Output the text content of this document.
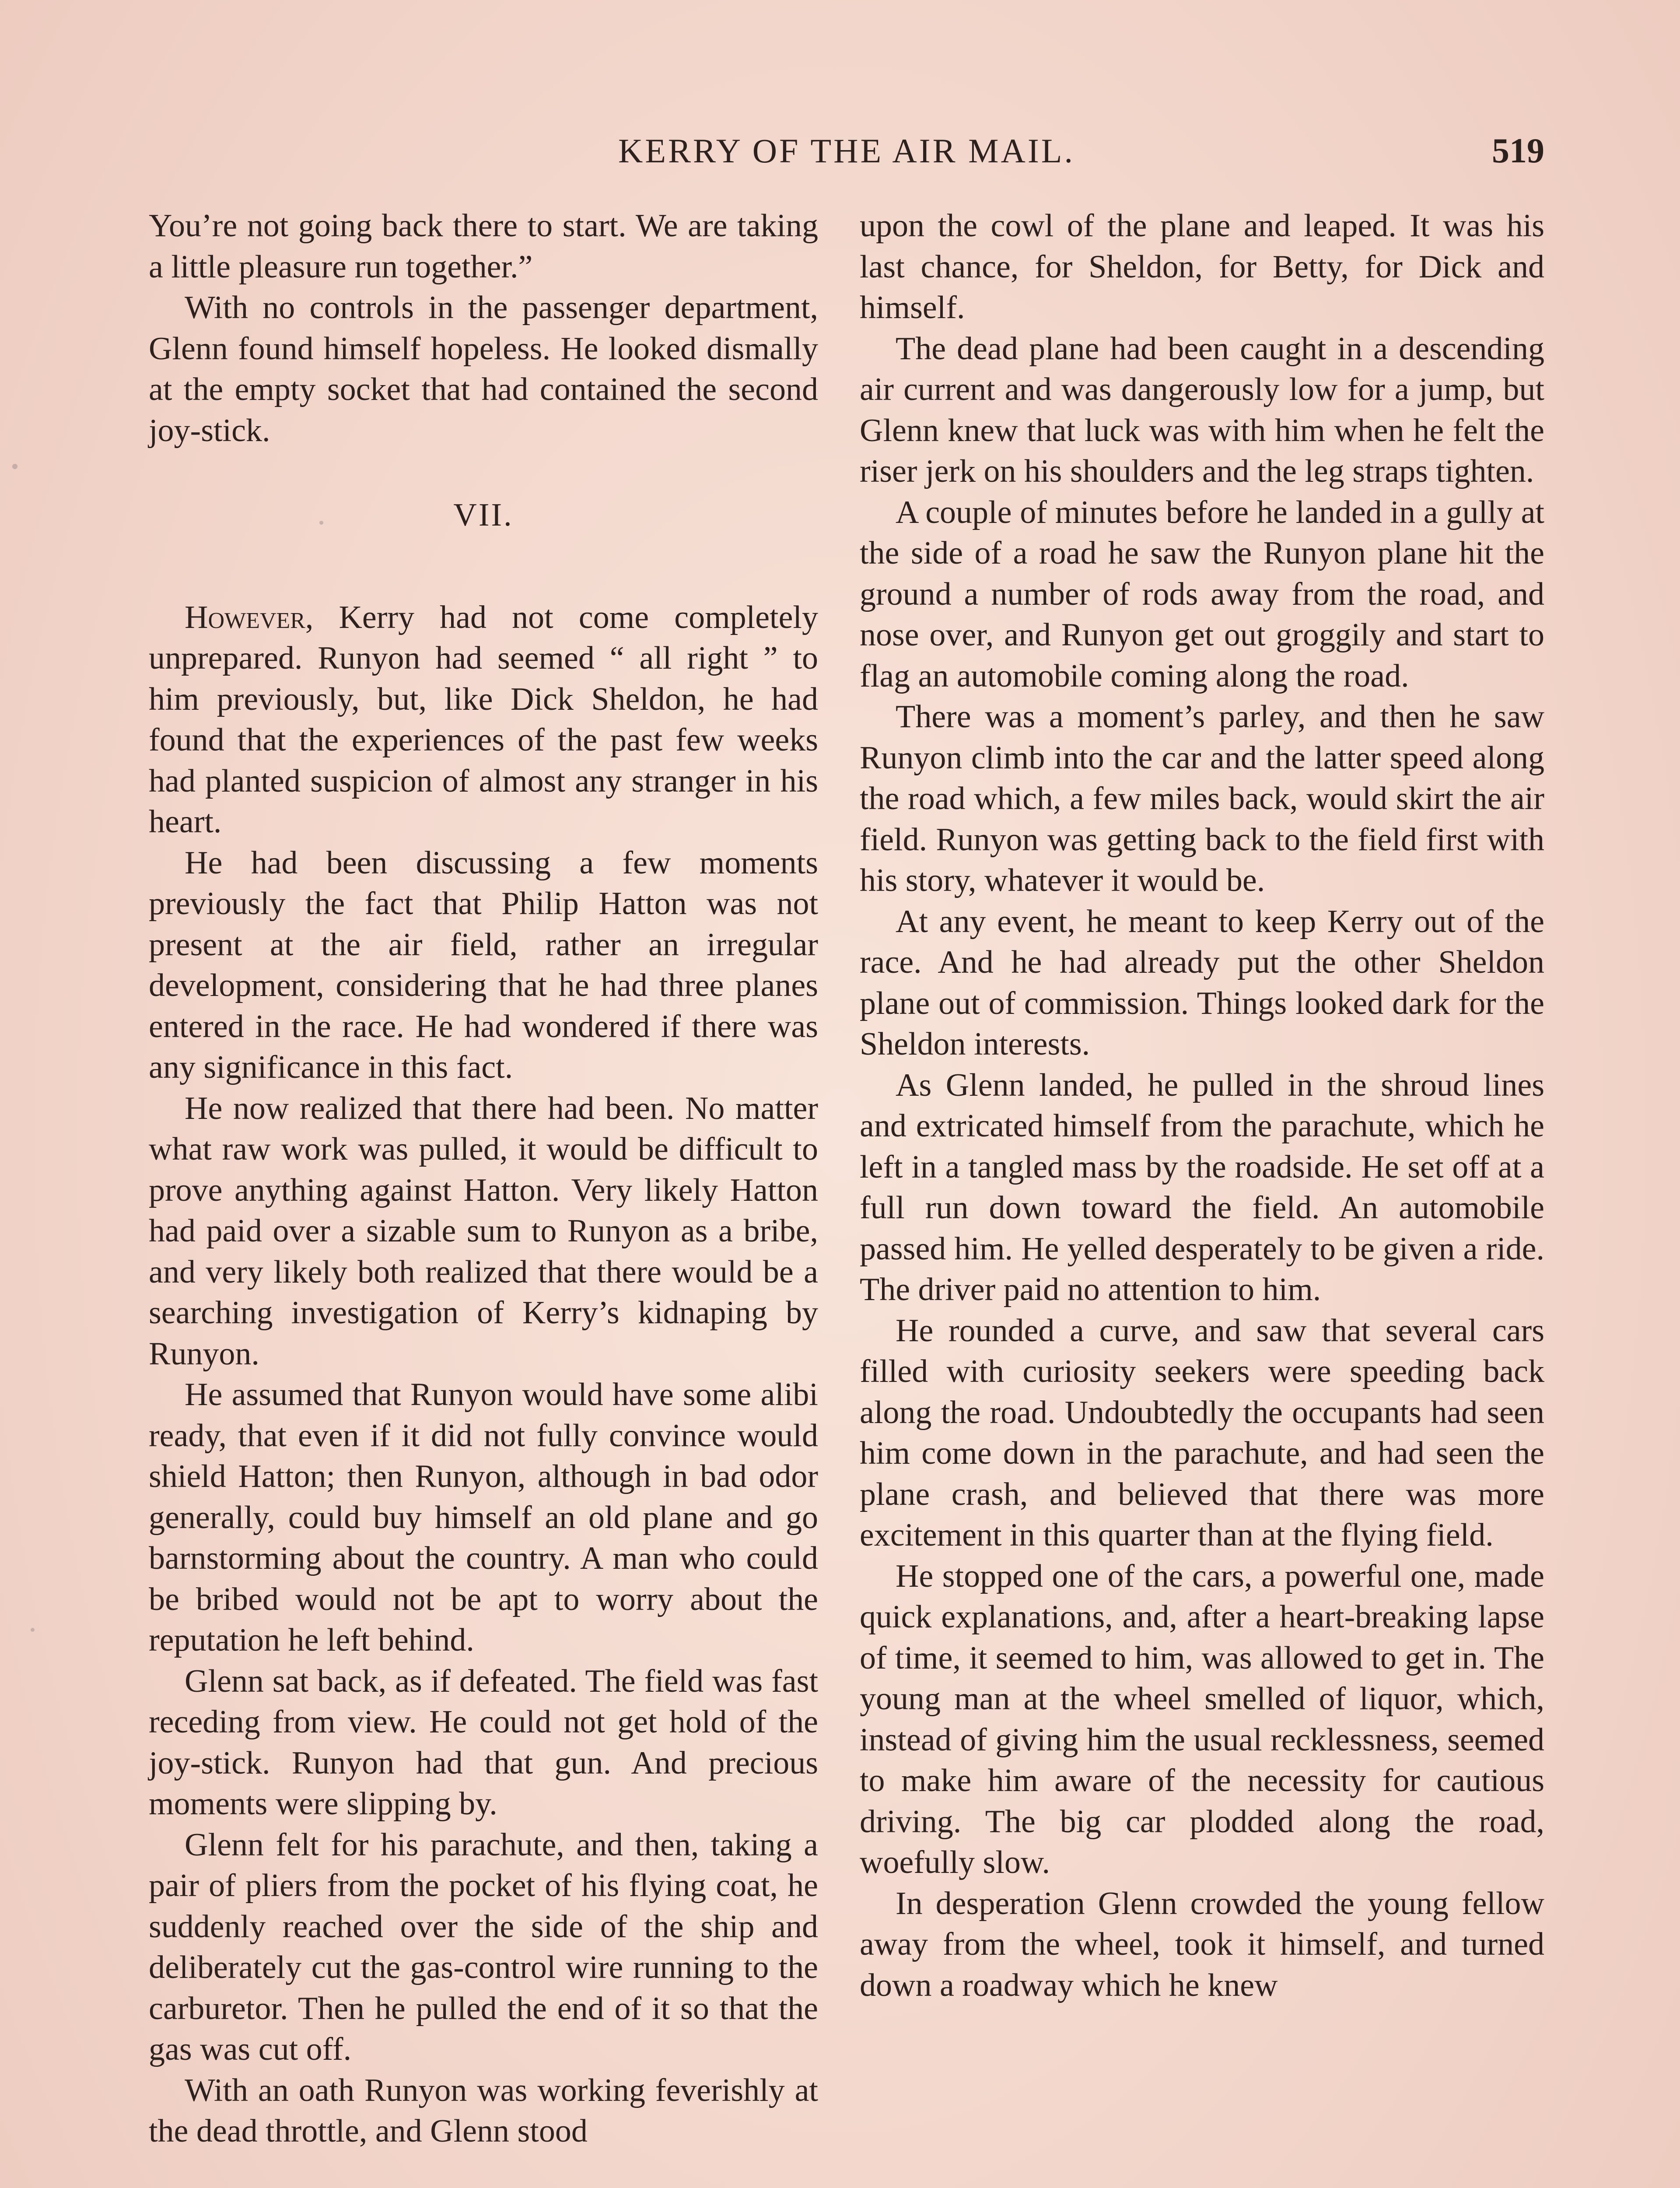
KERRY OF THE AIR MAIL.	519

You’re not going back there to start. We are taking a little pleasure run together.”

With no controls in the passenger department, Glenn found himself hopeless. He looked dismally at the empty socket that had contained the second joy-stick.

VII.

However, Kerry had not come completely unprepared. Runyon had seemed “ all right ” to him previously, but, like Dick Sheldon, he had found that the experiences of the past few weeks had planted suspicion of almost any stranger in his heart.

He had been discussing a few moments previously the fact that Philip Hatton was not present at the air field, rather an irregular development, considering that he had three planes entered in the race. He had wondered if there was any significance in this fact.

He now realized that there had been. No matter what raw work was pulled, it would be difficult to prove anything against Hatton. Very likely Hatton had paid over a sizable sum to Runyon as a bribe, and very likely both realized that there would be a searching investigation of Kerry’s kidnaping by Runyon.

He assumed that Runyon would have some alibi ready, that even if it did not fully convince would shield Hatton; then Runyon, although in bad odor generally, could buy himself an old plane and go barnstorming about the country. A man who could be bribed would not be apt to worry about the reputation he left behind.

Glenn sat back, as if defeated. The field was fast receding from view. He could not get hold of the joy-stick. Runyon had that gun. And precious moments were slipping by.

Glenn felt for his parachute, and then, taking a pair of pliers from the pocket of his flying coat, he suddenly reached over the side of the ship and deliberately cut the gas-control wire running to the carburetor. Then he pulled the end of it so that the gas was cut off.

With an oath Runyon was working feverishly at the dead throttle, and Glenn stood

upon the cowl of the plane and leaped. It was his last chance, for Sheldon, for Betty, for Dick and himself.

The dead plane had been caught in a descending air current and was dangerously low for a jump, but Glenn knew that luck was with him when he felt the riser jerk on his shoulders and the leg straps tighten.

A couple of minutes before he landed in a gully at the side of a road he saw the Runyon plane hit the ground a number of rods away from the road, and nose over, and Runyon get out groggily and start to flag an automobile coming along the road.

There was a moment’s parley, and then he saw Runyon climb into the car and the latter speed along the road which, a few miles back, would skirt the air field. Runyon was getting back to the field first with his story, whatever it would be.

At any event, he meant to keep Kerry out of the race. And he had already put the other Sheldon plane out of commission. Things looked dark for the Sheldon interests.

As Glenn landed, he pulled in the shroud lines and extricated himself from the parachute, which he left in a tangled mass by the roadside. He set off at a full run down toward the field. An automobile passed him. He yelled desperately to be given a ride. The driver paid no attention to him.

He rounded a curve, and saw that several cars filled with curiosity seekers were speeding back along the road. Undoubtedly the occupants had seen him come down in the parachute, and had seen the plane crash, and believed that there was more excitement in this quarter than at the flying field.

He stopped one of the cars, a powerful one, made quick explanations, and, after a heart-breaking lapse of time, it seemed to him, was allowed to get in. The young man at the wheel smelled of liquor, which, instead of giving him the usual recklessness, seemed to make him aware of the necessity for cautious driving. The big car plodded along the road, woefully slow.

In desperation Glenn crowded the young fellow away from the wheel, took it himself, and turned down a roadway which he knew
